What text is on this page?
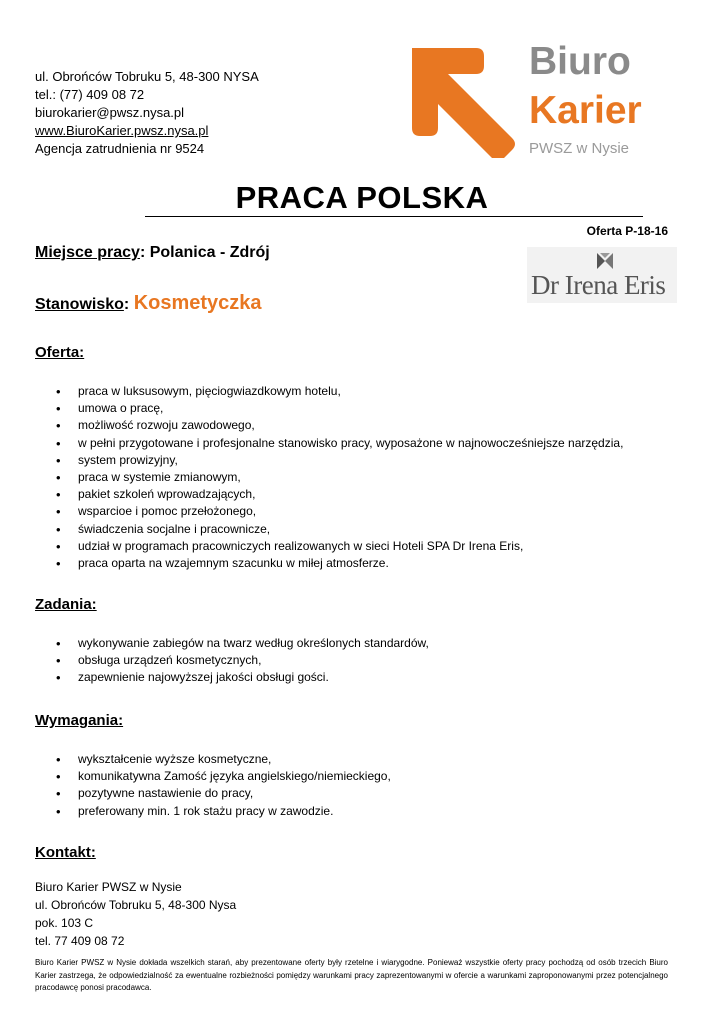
ul. Obrońców Tobruku 5, 48-300 NYSA
tel.: (77) 409 08 72
biurokarier@pwsz.nysa.pl
www.BiuroKarier.pwsz.nysa.pl
Agencja zatrudnienia nr 9524
Biuro
Karier
PWSZ w Nysie
PRACA POLSKA
Oferta P-18-16
Dr Irena Eris
Miejsce pracy: Polanica - Zdrój
Stanowisko: Kosmetyczka
Oferta:
• praca w luksusowym, pięciogwiazdkowym hotelu,
• umowa o pracę,
• możliwość rozwoju zawodowego,
• w pełni przygotowane i profesjonalne stanowisko pracy, wyposażone w najnowocześniejsze narzędzia,
• system prowizyjny,
• praca w systemie zmianowym,
• pakiet szkoleń wprowadzających,
• wsparcioe i pomoc przełożonego,
• świadczenia socjalne i pracownicze,
• udział w programach pracowniczych realizowanych w sieci Hoteli SPA Dr Irena Eris,
• praca oparta na wzajemnym szacunku w miłej atmosferze.
Zadania:
• wykonywanie zabiegów na twarz według określonych standardów,
• obsługa urządzeń kosmetycznych,
• zapewnienie najowyższej jakości obsługi gości.
Wymagania:
• wykształcenie wyższe kosmetyczne,
• komunikatywna Zamość języka angielskiego/niemieckiego,
• pozytywne nastawienie do pracy,
• preferowany min. 1 rok stażu pracy w zawodzie.
Kontakt:
Biuro Karier PWSZ w Nysie
ul. Obrońców Tobruku 5, 48-300 Nysa
pok. 103 C
tel. 77 409 08 72
Biuro Karier PWSZ w Nysie dokłada wszelkich starań, aby prezentowane oferty były rzetelne i wiarygodne. Ponieważ wszystkie oferty pracy pochodzą od osób trzecich Biuro Karier zastrzega, że odpowiedzialność za ewentualne rozbieżności pomiędzy warunkami pracy zaprezentowanymi w ofercie a warunkami zaproponowanymi przez potencjalnego pracodawcę ponosi pracodawca.
